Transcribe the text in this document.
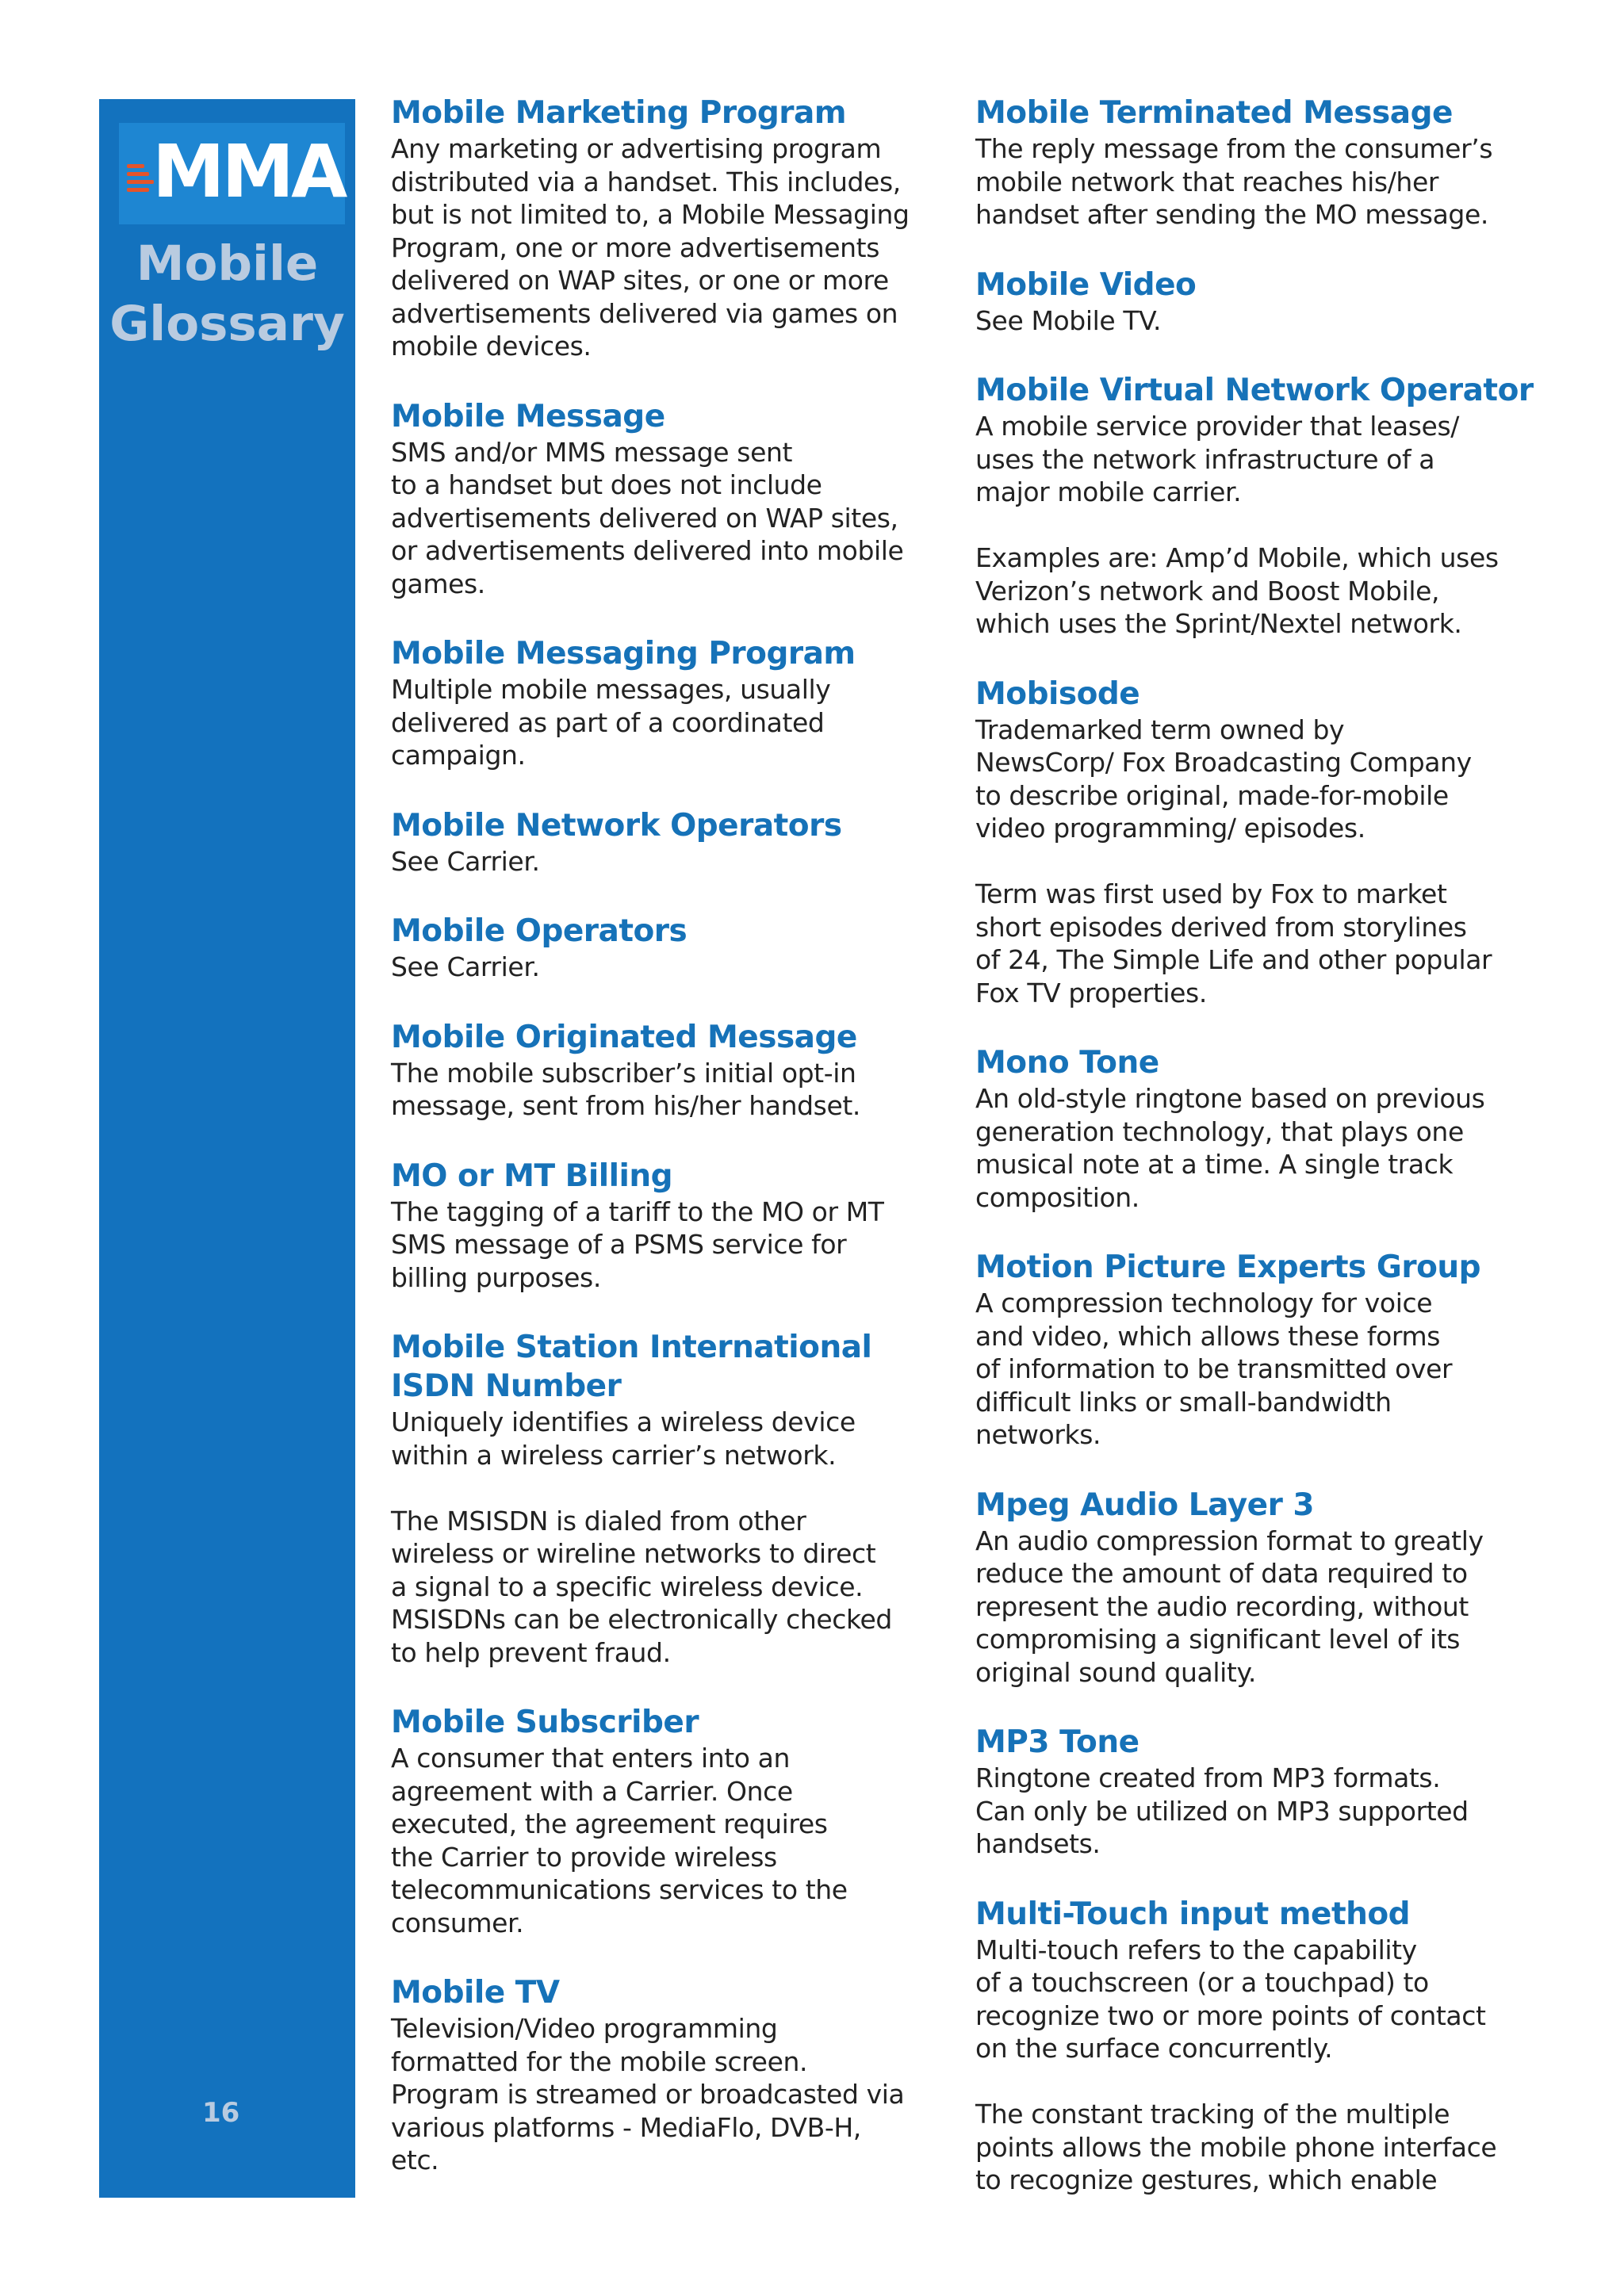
MMA
Mobile
Glossary
16
Mobile Marketing Program

Any marketing or advertising program
distributed via a handset. This includes,
but is not limited to, a Mobile Messaging
Program, one or more advertisements
delivered on WAP sites, or one or more
advertisements delivered via games on
mobile devices.

Mobile Message

SMS and/or MMS message sent
to a handset but does not include
advertisements delivered on WAP sites,
or advertisements delivered into mobile
games.

Mobile Messaging Program

Multiple mobile messages, usually
delivered as part of a coordinated
campaign.

Mobile Network Operators

See Carrier.

Mobile Operators

See Carrier.

Mobile Originated Message

The mobile subscriber’s initial opt-in
message, sent from his/her handset.

MO or MT Billing

The tagging of a tariff to the MO or MT
SMS message of a PSMS service for
billing purposes.

Mobile Station International
ISDN Number

Uniquely identifies a wireless device
within a wireless carrier’s network.

The MSISDN is dialed from other
wireless or wireline networks to direct
a signal to a specific wireless device.
MSISDNs can be electronically checked
to help prevent fraud.

Mobile Subscriber

A consumer that enters into an
agreement with a Carrier. Once
executed, the agreement requires
the Carrier to provide wireless
telecommunications services to the
consumer.

Mobile TV

Television/Video programming
formatted for the mobile screen.
Program is streamed or broadcasted via
various platforms - MediaFlo, DVB-H,
etc.

Mobile Terminated Message

The reply message from the consumer’s
mobile network that reaches his/her
handset after sending the MO message.

Mobile Video

See Mobile TV.

Mobile Virtual Network Operator

A mobile service provider that leases/
uses the network infrastructure of a
major mobile carrier.

Examples are: Amp’d Mobile, which uses
Verizon’s network and Boost Mobile,
which uses the Sprint/Nextel network.

Mobisode

Trademarked term owned by
NewsCorp/ Fox Broadcasting Company
to describe original, made-for-mobile
video programming/ episodes.

Term was first used by Fox to market
short episodes derived from storylines
of 24, The Simple Life and other popular
Fox TV properties.

Mono Tone

An old-style ringtone based on previous
generation technology, that plays one
musical note at a time. A single track
composition.

Motion Picture Experts Group

A compression technology for voice
and video, which allows these forms
of information to be transmitted over
difficult links or small-bandwidth
networks.

Mpeg Audio Layer 3

An audio compression format to greatly
reduce the amount of data required to
represent the audio recording, without
compromising a significant level of its
original sound quality.

MP3 Tone

Ringtone created from MP3 formats.
Can only be utilized on MP3 supported
handsets.

Multi-Touch input method

Multi-touch refers to the capability
of a touchscreen (or a touchpad) to
recognize two or more points of contact
on the surface concurrently.

The constant tracking of the multiple
points allows the mobile phone interface
to recognize gestures, which enable
